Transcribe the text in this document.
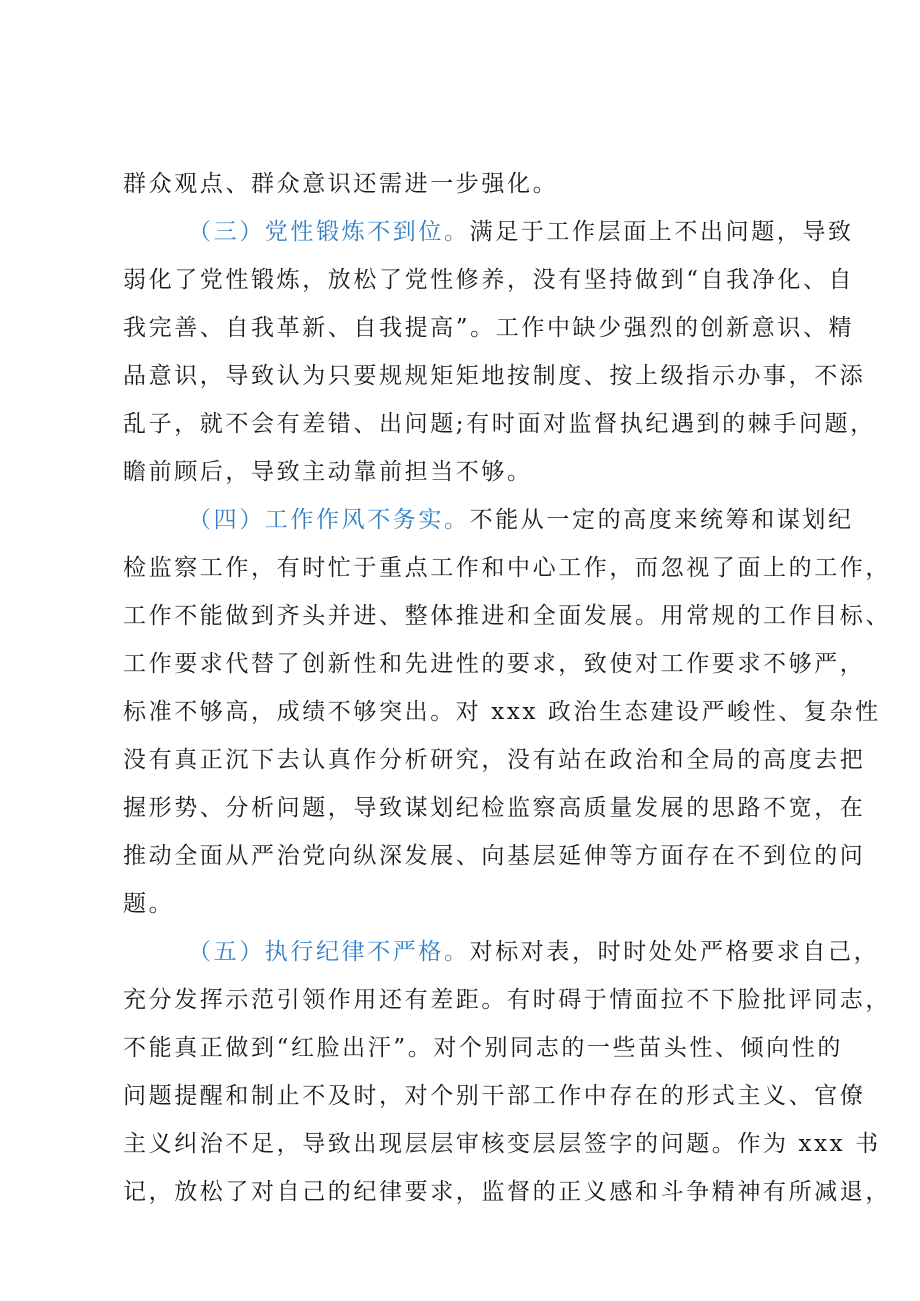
群众观点、群众意识还需进一步强化。
（三）党性锻炼不到位。满足于工作层面上不出问题，导致
弱化了党性锻炼，放松了党性修养，没有坚持做到“自我净化、自
我完善、自我革新、自我提高”。工作中缺少强烈的创新意识、精
品意识，导致认为只要规规矩矩地按制度、按上级指示办事，不添
乱子，就不会有差错、出问题;有时面对监督执纪遇到的棘手问题，
瞻前顾后，导致主动靠前担当不够。
（四）工作作风不务实。不能从一定的高度来统筹和谋划纪
检监察工作，有时忙于重点工作和中心工作，而忽视了面上的工作，
工作不能做到齐头并进、整体推进和全面发展。用常规的工作目标、
工作要求代替了创新性和先进性的要求，致使对工作要求不够严，
标准不够高，成绩不够突出。对 xxx 政治生态建设严峻性、复杂性
没有真正沉下去认真作分析研究，没有站在政治和全局的高度去把
握形势、分析问题，导致谋划纪检监察高质量发展的思路不宽，在
推动全面从严治党向纵深发展、向基层延伸等方面存在不到位的问
题。
（五）执行纪律不严格。对标对表，时时处处严格要求自己，
充分发挥示范引领作用还有差距。有时碍于情面拉不下脸批评同志，
不能真正做到“红脸出汗”。对个别同志的一些苗头性、倾向性的
问题提醒和制止不及时，对个别干部工作中存在的形式主义、官僚
主义纠治不足，导致出现层层审核变层层签字的问题。作为 xxx 书
记，放松了对自己的纪律要求，监督的正义感和斗争精神有所减退，
